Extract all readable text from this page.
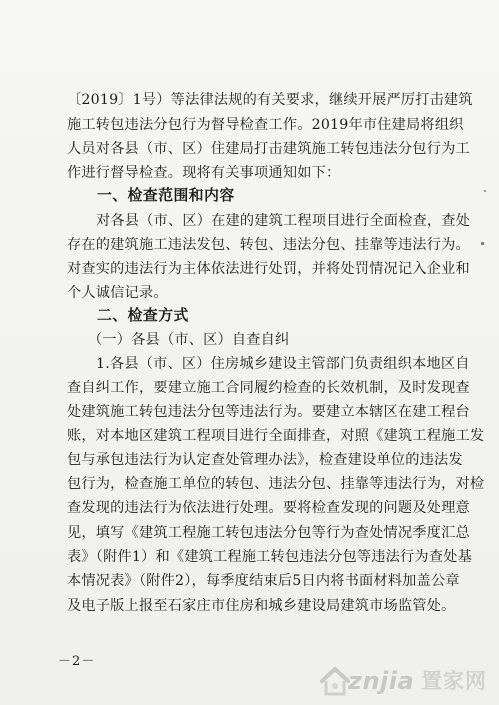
〔2019〕1号）等法律法规的有关要求，继续开展严厉打击建筑
施工转包违法分包行为督导检查工作。2019年市住建局将组织
人员对各县（市、区）住建局打击建筑施工转包违法分包行为工
作进行督导检查。现将有关事项通知如下：
一、检查范围和内容
对各县（市、区）在建的建筑工程项目进行全面检查，查处
存在的建筑施工违法发包、转包、违法分包、挂靠等违法行为。
对查实的违法行为主体依法进行处罚，并将处罚情况记入企业和
个人诚信记录。
二、检查方式
（一）各县（市、区）自查自纠
1.各县（市、区）住房城乡建设主管部门负责组织本地区自
查自纠工作，要建立施工合同履约检查的长效机制，及时发现查
处建筑施工转包违法分包等违法行为。要建立本辖区在建工程台
账，对本地区建筑工程项目进行全面排查，对照《建筑工程施工发
包与承包违法行为认定查处管理办法》，检查建设单位的违法发
包行为，检查施工单位的转包、违法分包、挂靠等违法行为，对检
查发现的违法行为依法进行处理。要将检查发现的问题及处理意
见，填写《建筑工程施工转包违法分包等行为查处情况季度汇总
表》（附件1）和《建筑工程施工转包违法分包等违法行为查处基
本情况表》（附件2），每季度结束后5日内将书面材料加盖公章
及电子版上报至石家庄市住房和城乡建设局建筑市场监管处。
－2－
znjia 置家网
